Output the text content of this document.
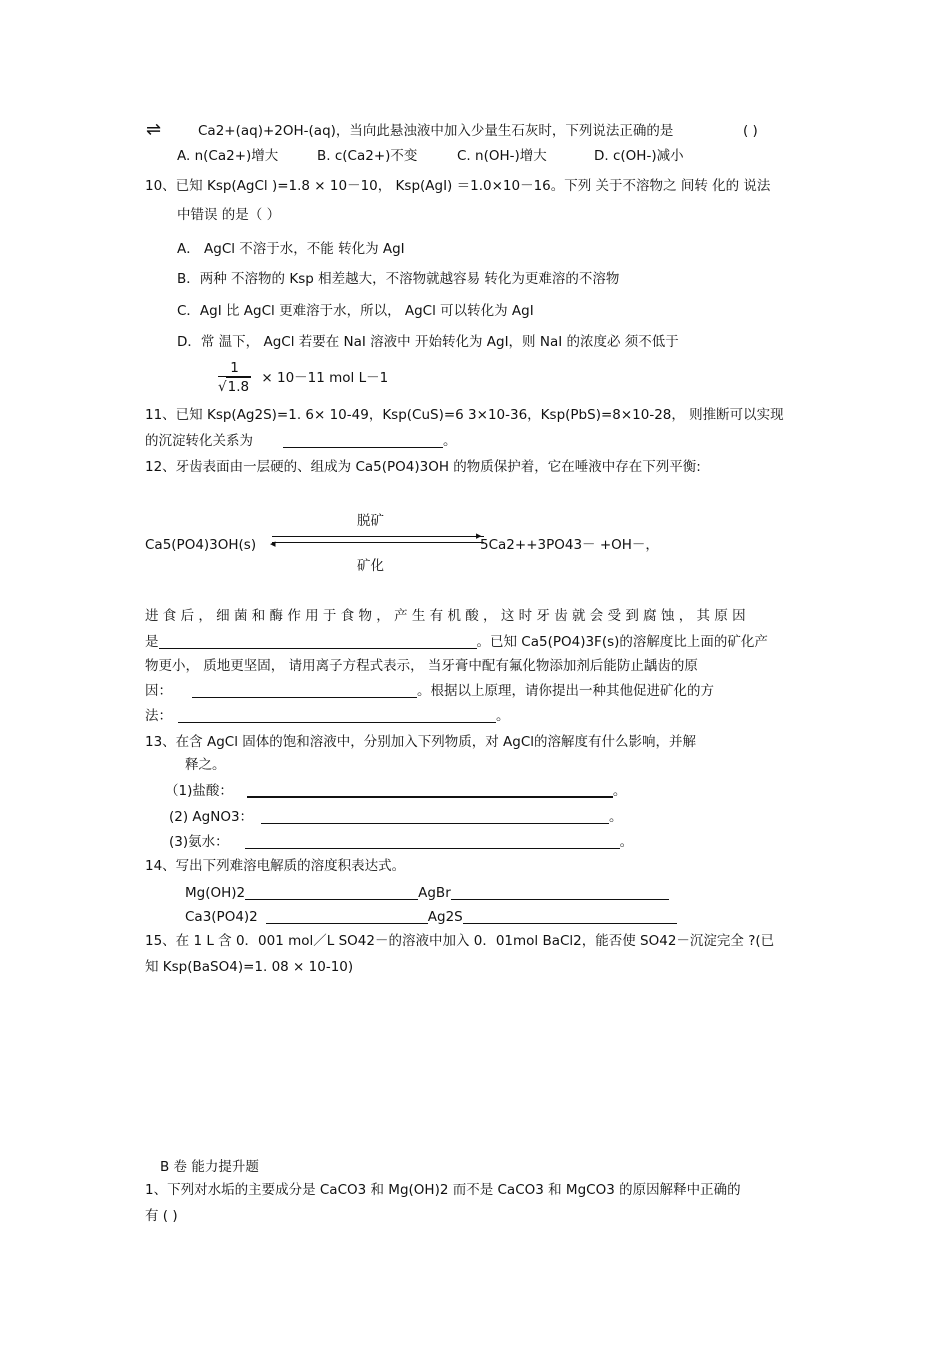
⇌	Ca2+(aq)+2OH-(aq)，当向此悬浊液中加入少量生石灰时，下列说法正确的是	( )
A. n(Ca2+)增大	B. c(Ca2+)不变	C. n(OH-)增大	D. c(OH-)减小
10、已知 Ksp(AgCl )=1.8 × 10－10， Ksp(AgI) ＝1.0×10－16。下列 关于不溶物之 间转 化的 说法
中错误 的是（ ）
A． AgCl 不溶于水，不能 转化为 AgI
B．两种 不溶物的 Ksp 相差越大，不溶物就越容易 转化为更难溶的不溶物
C．AgI 比 AgCl 更难溶于水，所以， AgCl 可以转化为 AgI
D．常 温下， AgCl 若要在 NaI 溶液中 开始转化为 AgI，则 NaI 的浓度必 须不低于
$\frac{1}{√1.8} \times 10-11$ mol L－1
11、已知 Ksp(Ag2S)=1. 6× 10-49，Ksp(CuS)=6 3×10-36，Ksp(PbS)=8×10-28， 则推断可以实现
的沉淀转化关系为	。
12、牙齿表面由一层硬的、组成为 Ca5(PO4)3OH 的物质保护着，它在唾液中存在下列平衡:
脱矿
Ca5(PO4)3OH(s)
▸
◂	5Ca2++3PO43－ +OH－，
矿化
进 食 后 ， 细 菌 和 酶 作 用 于 食 物 ， 产 生 有 机 酸 ， 这 时 牙 齿 就 会 受 到 腐 蚀 ， 其 原 因
是	。已知 Ca5(PO4)3F(s)的溶解度比上面的矿化产
物更小， 质地更坚固， 请用离子方程式表示， 当牙膏中配有氟化物添加剂后能防止龋齿的原
因：	。根据以上原理，请你提出一种其他促进矿化的方
法：	。
13、在含 AgCl 固体的饱和溶液中，分别加入下列物质，对 AgCl的溶解度有什么影响，并解
释之。
（1)盐酸：	。
(2) AgNO3：	。
(3)氨水：	。
14、写出下列难溶电解质的溶度积表达式。
Mg(OH)2	AgBr
Ca3(PO4)2	Ag2S
15、在 1 L 含 0．001 mol／L SO42－的溶液中加入 0．01mol BaCl2，能否使 SO42－沉淀完全 ?(已
知 Ksp(BaSO4)=1. 08 × 10-10)
B 卷 能力提升题
1、下列对水垢的主要成分是 CaCO3 和 Mg(OH)2 而不是 CaCO3 和 MgCO3 的原因解释中正确的
有 ( )
